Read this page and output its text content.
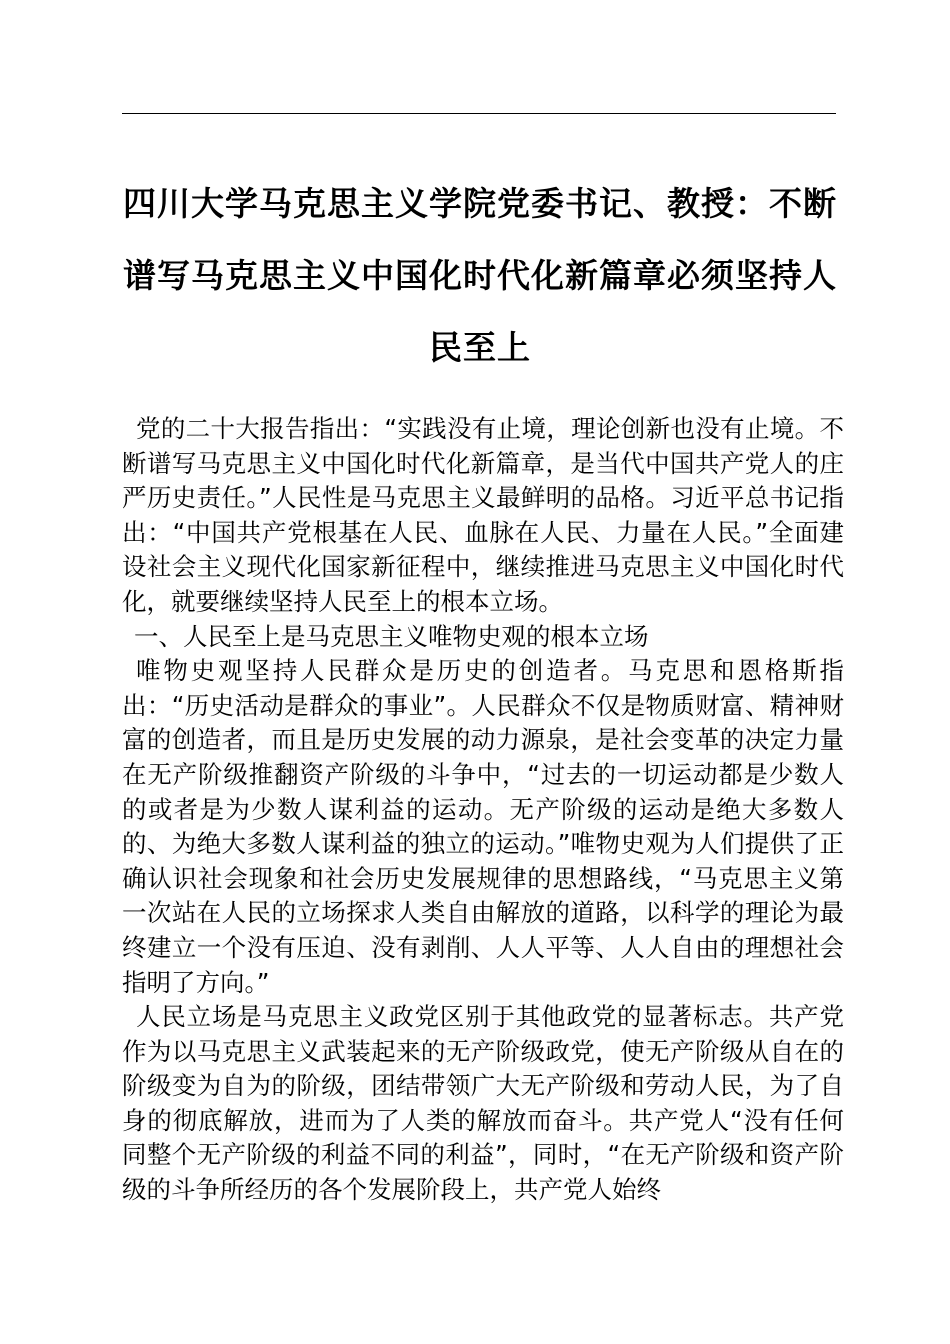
四川大学马克思主义学院党委书记、教授：不断谱写马克思主义中国化时代化新篇章必须坚持人民至上

党的二十大报告指出：“实践没有止境，理论创新也没有止境。不断谱写马克思主义中国化时代化新篇章，是当代中国共产党人的庄严历史责任。”人民性是马克思主义最鲜明的品格。习近平总书记指出：“中国共产党根基在人民、血脉在人民、力量在人民。”全面建设社会主义现代化国家新征程中，继续推进马克思主义中国化时代化，就要继续坚持人民至上的根本立场。

一、人民至上是马克思主义唯物史观的根本立场

唯物史观坚持人民群众是历史的创造者。马克思和恩格斯指出：“历史活动是群众的事业”。人民群众不仅是物质财富、精神财富的创造者，而且是历史发展的动力源泉，是社会变革的决定力量在无产阶级推翻资产阶级的斗争中，“过去的一切运动都是少数人的或者是为少数人谋利益的运动。无产阶级的运动是绝大多数人的、为绝大多数人谋利益的独立的运动。”唯物史观为人们提供了正确认识社会现象和社会历史发展规律的思想路线，“马克思主义第一次站在人民的立场探求人类自由解放的道路，以科学的理论为最终建立一个没有压迫、没有剥削、人人平等、人人自由的理想社会指明了方向。”

人民立场是马克思主义政党区别于其他政党的显著标志。共产党作为以马克思主义武装起来的无产阶级政党，使无产阶级从自在的阶级变为自为的阶级，团结带领广大无产阶级和劳动人民，为了自身的彻底解放，进而为了人类的解放而奋斗。共产党人“没有任何同整个无产阶级的利益不同的利益”，同时，“在无产阶级和资产阶级的斗争所经历的各个发展阶段上，共产党人始终
